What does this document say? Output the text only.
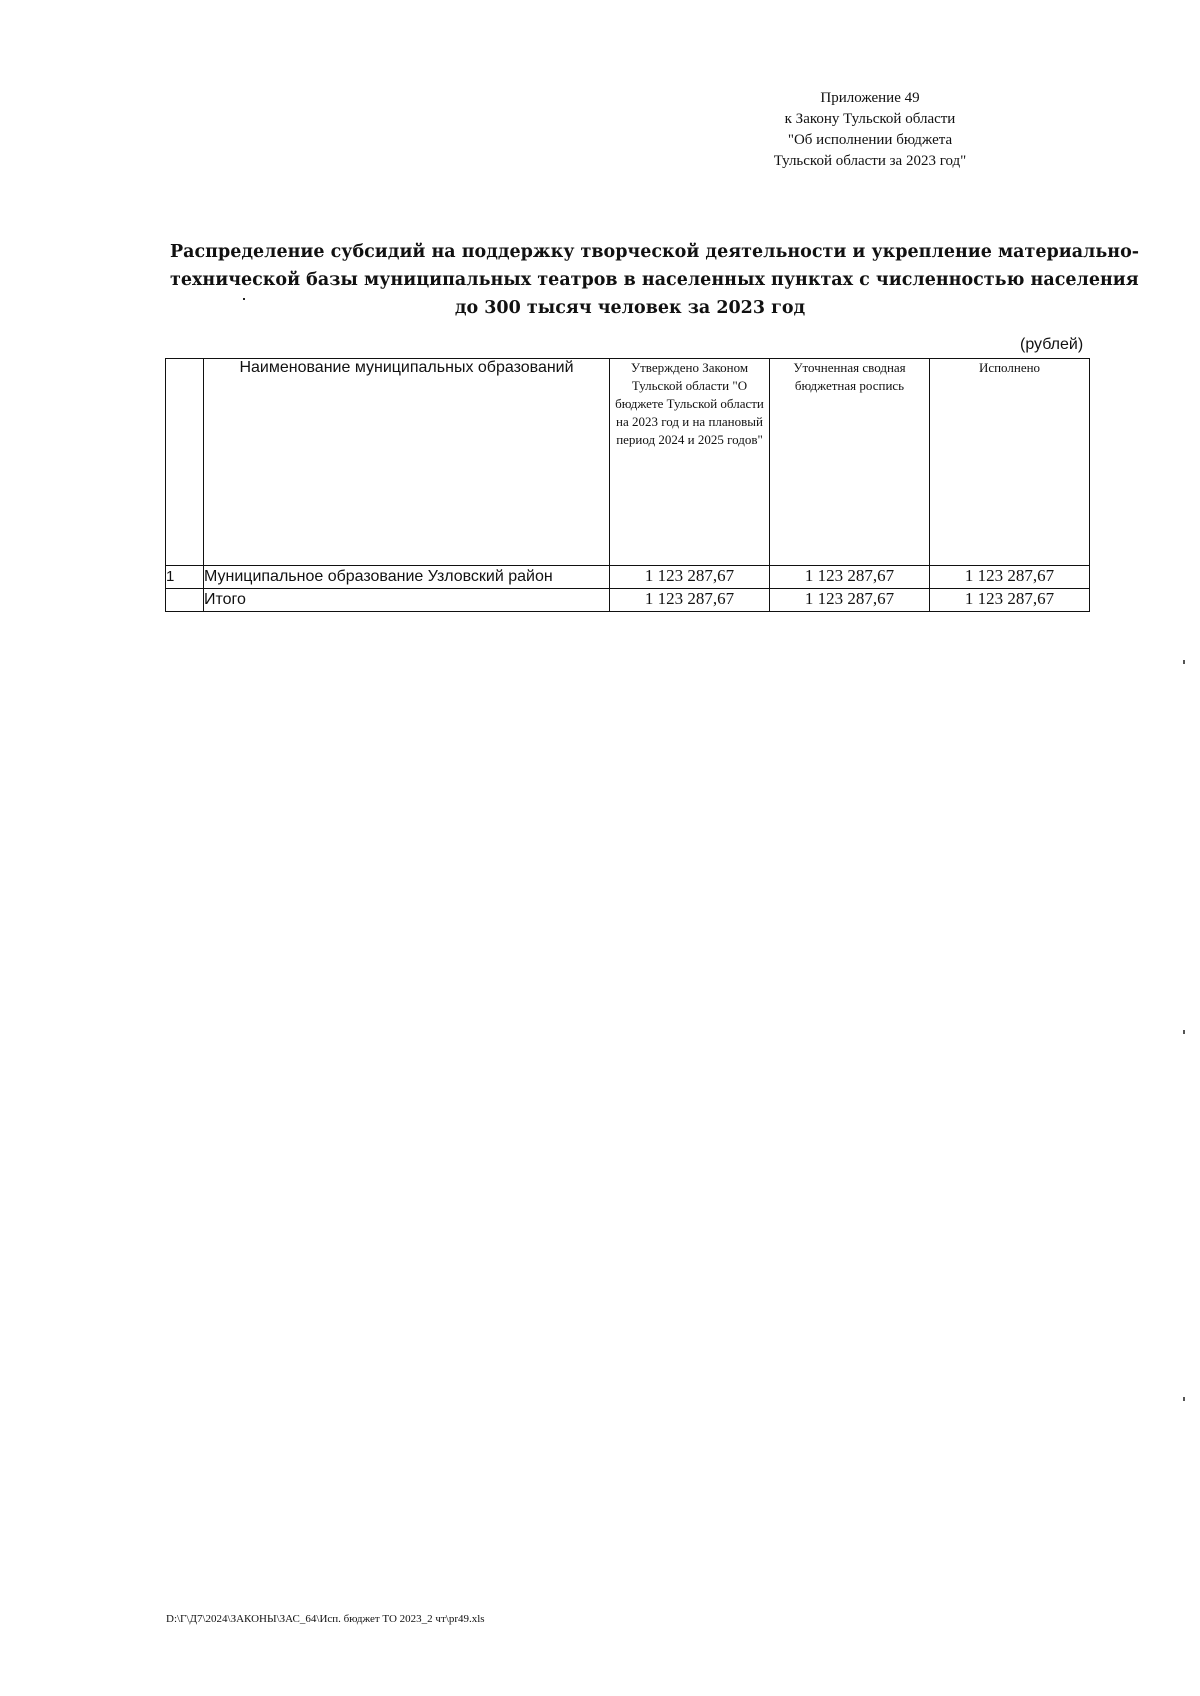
Приложение 49
к Закону Тульской области
"Об исполнении бюджета
Тульской области за 2023 год"
Распределение субсидий на поддержку творческой деятельности и укрепление материально-
технической базы муниципальных театров в населенных пунктах с численностью населения
до 300 тысяч человек за 2023 год
(рублей)
	Наименование муниципальных образований	Утверждено Законом Тульской области "О бюджете Тульской области на 2023 год и на плановый период 2024 и 2025 годов"	Уточненная сводная бюджетная роспись	Исполнено
1	Муниципальное образование Узловский район	1 123 287,67	1 123 287,67	1 123 287,67
	Итого	1 123 287,67	1 123 287,67	1 123 287,67
D:\Г\Д7\2024\ЗАКОНЫ\ЗАС_64\Исп. бюджет ТО 2023_2 чт\pr49.xls
